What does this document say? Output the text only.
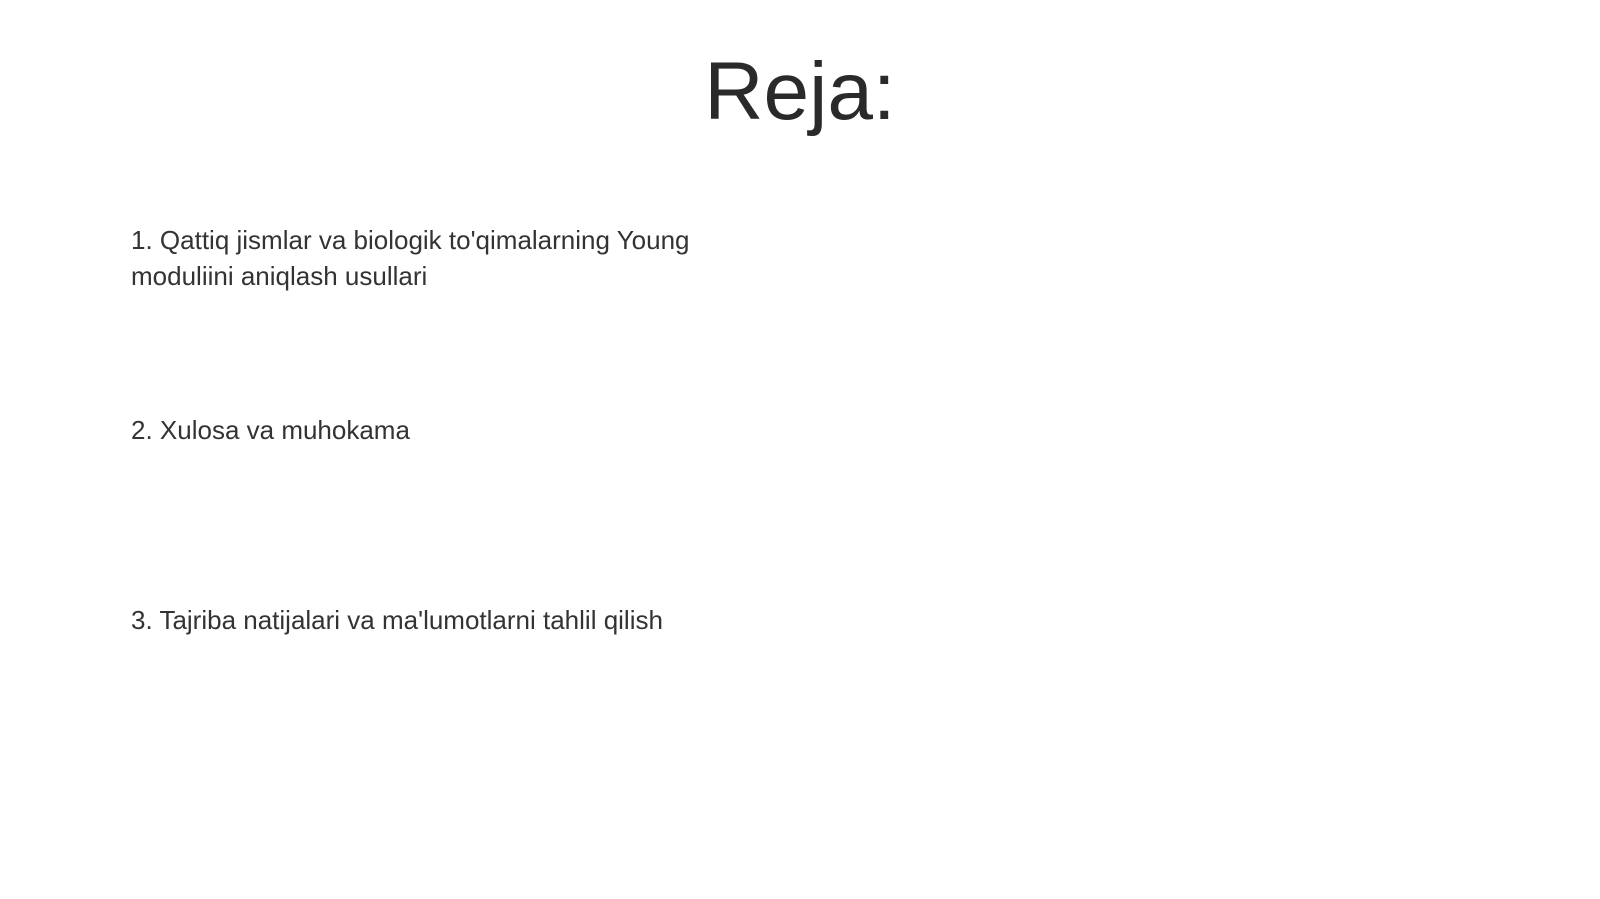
Reja:

1. Qattiq jismlar va biologik to'qimalarning Young moduliini aniqlash usullari

2. Xulosa va muhokama

3. Tajriba natijalari va ma'lumotlarni tahlil qilish
